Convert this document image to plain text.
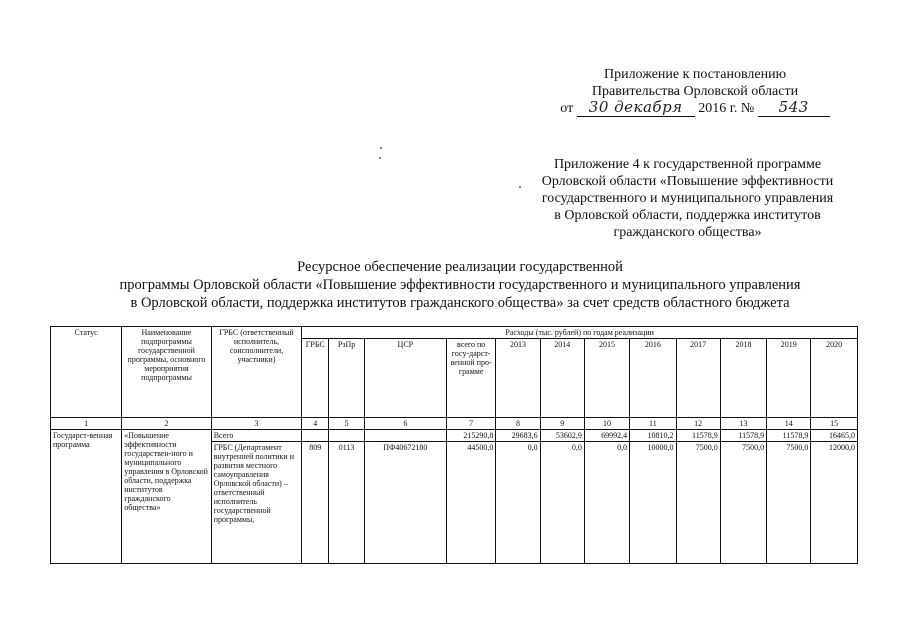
Приложение к постановлению
Правительства Орловской области
от 30 декабря 2016 г. № 543
Приложение 4 к государственной программе
Орловской области «Повышение эффективности
государственного и муниципального управления
в Орловской области, поддержка институтов
гражданского общества»
Ресурсное обеспечение реализации государственной
программы Орловской области «Повышение эффективности государственного и муниципального управления
в Орловской области, поддержка институтов гражданского общества» за счет средств областного бюджета
Статус	Наименование подпрограммы государственной программы, основного мероприятия подпрограммы	ГРБС (ответственный исполнитель, соисполнители, участники)	Расходы (тыс. рублей) по годам реализации											
			ГРБС	РзПр	ЦСР	всего по госу-дарст-венной про-грамме	2013	2014	2015	2016	2017	2018	2019	2020
1	2	3	4	5	6	7	8	9	10	11	12	13	14	15
Государст-венная программа	«Повышение эффективности государствен-ного и муниципального управления в Орловской области, поддержка институтов гражданского общества»	Всего				215290,8	29683,6	53602,9	69992,4	10810,2	11578,9	11578,9	11578,9	16465,0
		ГРБС (Департамент внутренней политики и развития местного самоуправления Орловской области) – ответственный исполнитель государственной программы,	809	0113	ПФ40672180	44500,0	0,0	0,0	0,0	10000,0	7500,0	7500,0	7500,0	12000,0
